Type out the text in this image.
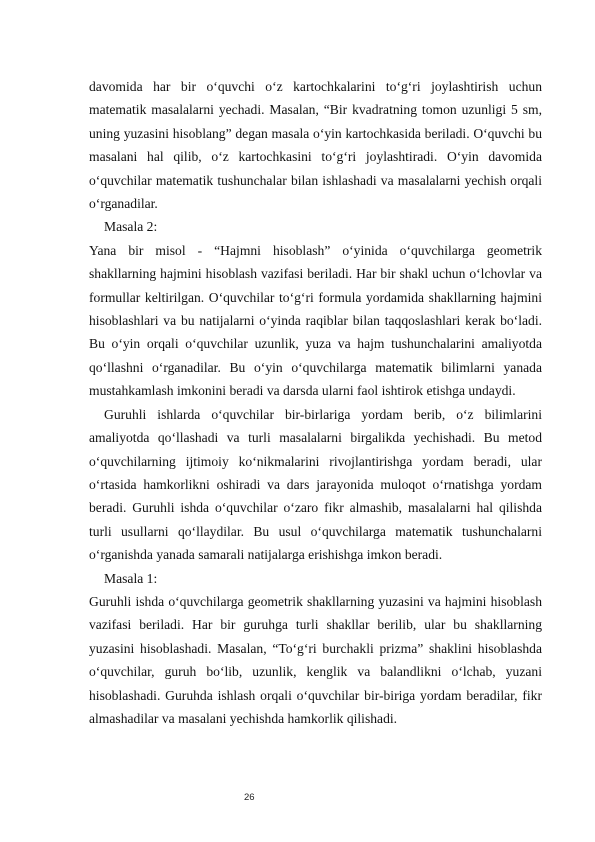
davomida har bir o‘quvchi o‘z kartochkalarini to‘g‘ri joylashtirish uchun matematik masalalarni yechadi. Masalan, “Bir kvadratning tomon uzunligi 5 sm, uning yuzasini hisoblang” degan masala o‘yin kartochkasida beriladi. O‘quvchi bu masalani hal qilib, o‘z kartochkasini to‘g‘ri joylashtiradi. O‘yin davomida o‘quvchilar matematik tushunchalar bilan ishlashadi va masalalarni yechish orqali o‘rganadilar.

Masala 2:

Yana bir misol - “Hajmni hisoblash” o‘yinida o‘quvchilarga geometrik shakllarning hajmini hisoblash vazifasi beriladi. Har bir shakl uchun o‘lchovlar va formullar keltirilgan. O‘quvchilar to‘g‘ri formula yordamida shakllarning hajmini hisoblashlari va bu natijalarni o‘yinda raqiblar bilan taqqoslashlari kerak bo‘ladi. Bu o‘yin orqali o‘quvchilar uzunlik, yuza va hajm tushunchalarini amaliyotda qo‘llashni o‘rganadilar. Bu o‘yin o‘quvchilarga matematik bilimlarni yanada mustahkamlash imkonini beradi va darsda ularni faol ishtirok etishga undaydi.

Guruhli ishlarda o‘quvchilar bir-birlariga yordam berib, o‘z bilimlarini amaliyotda qo‘llashadi va turli masalalarni birgalikda yechishadi. Bu metod o‘quvchilarning ijtimoiy ko‘nikmalarini rivojlantirishga yordam beradi, ular o‘rtasida hamkorlikni oshiradi va dars jarayonida muloqot o‘rnatishga yordam beradi. Guruhli ishda o‘quvchilar o‘zaro fikr almashib, masalalarni hal qilishda turli usullarni qo‘llaydilar. Bu usul o‘quvchilarga matematik tushunchalarni o‘rganishda yanada samarali natijalarga erishishga imkon beradi.

Masala 1:

Guruhli ishda o‘quvchilarga geometrik shakllarning yuzasini va hajmini hisoblash vazifasi beriladi. Har bir guruhga turli shakllar berilib, ular bu shakllarning yuzasini hisoblashadi. Masalan, “To‘g‘ri burchakli prizma” shaklini hisoblashda o‘quvchilar, guruh bo‘lib, uzunlik, kenglik va balandlikni o‘lchab, yuzani hisoblashadi. Guruhda ishlash orqali o‘quvchilar bir-biriga yordam beradilar, fikr almashadilar va masalani yechishda hamkorlik qilishadi.

26
